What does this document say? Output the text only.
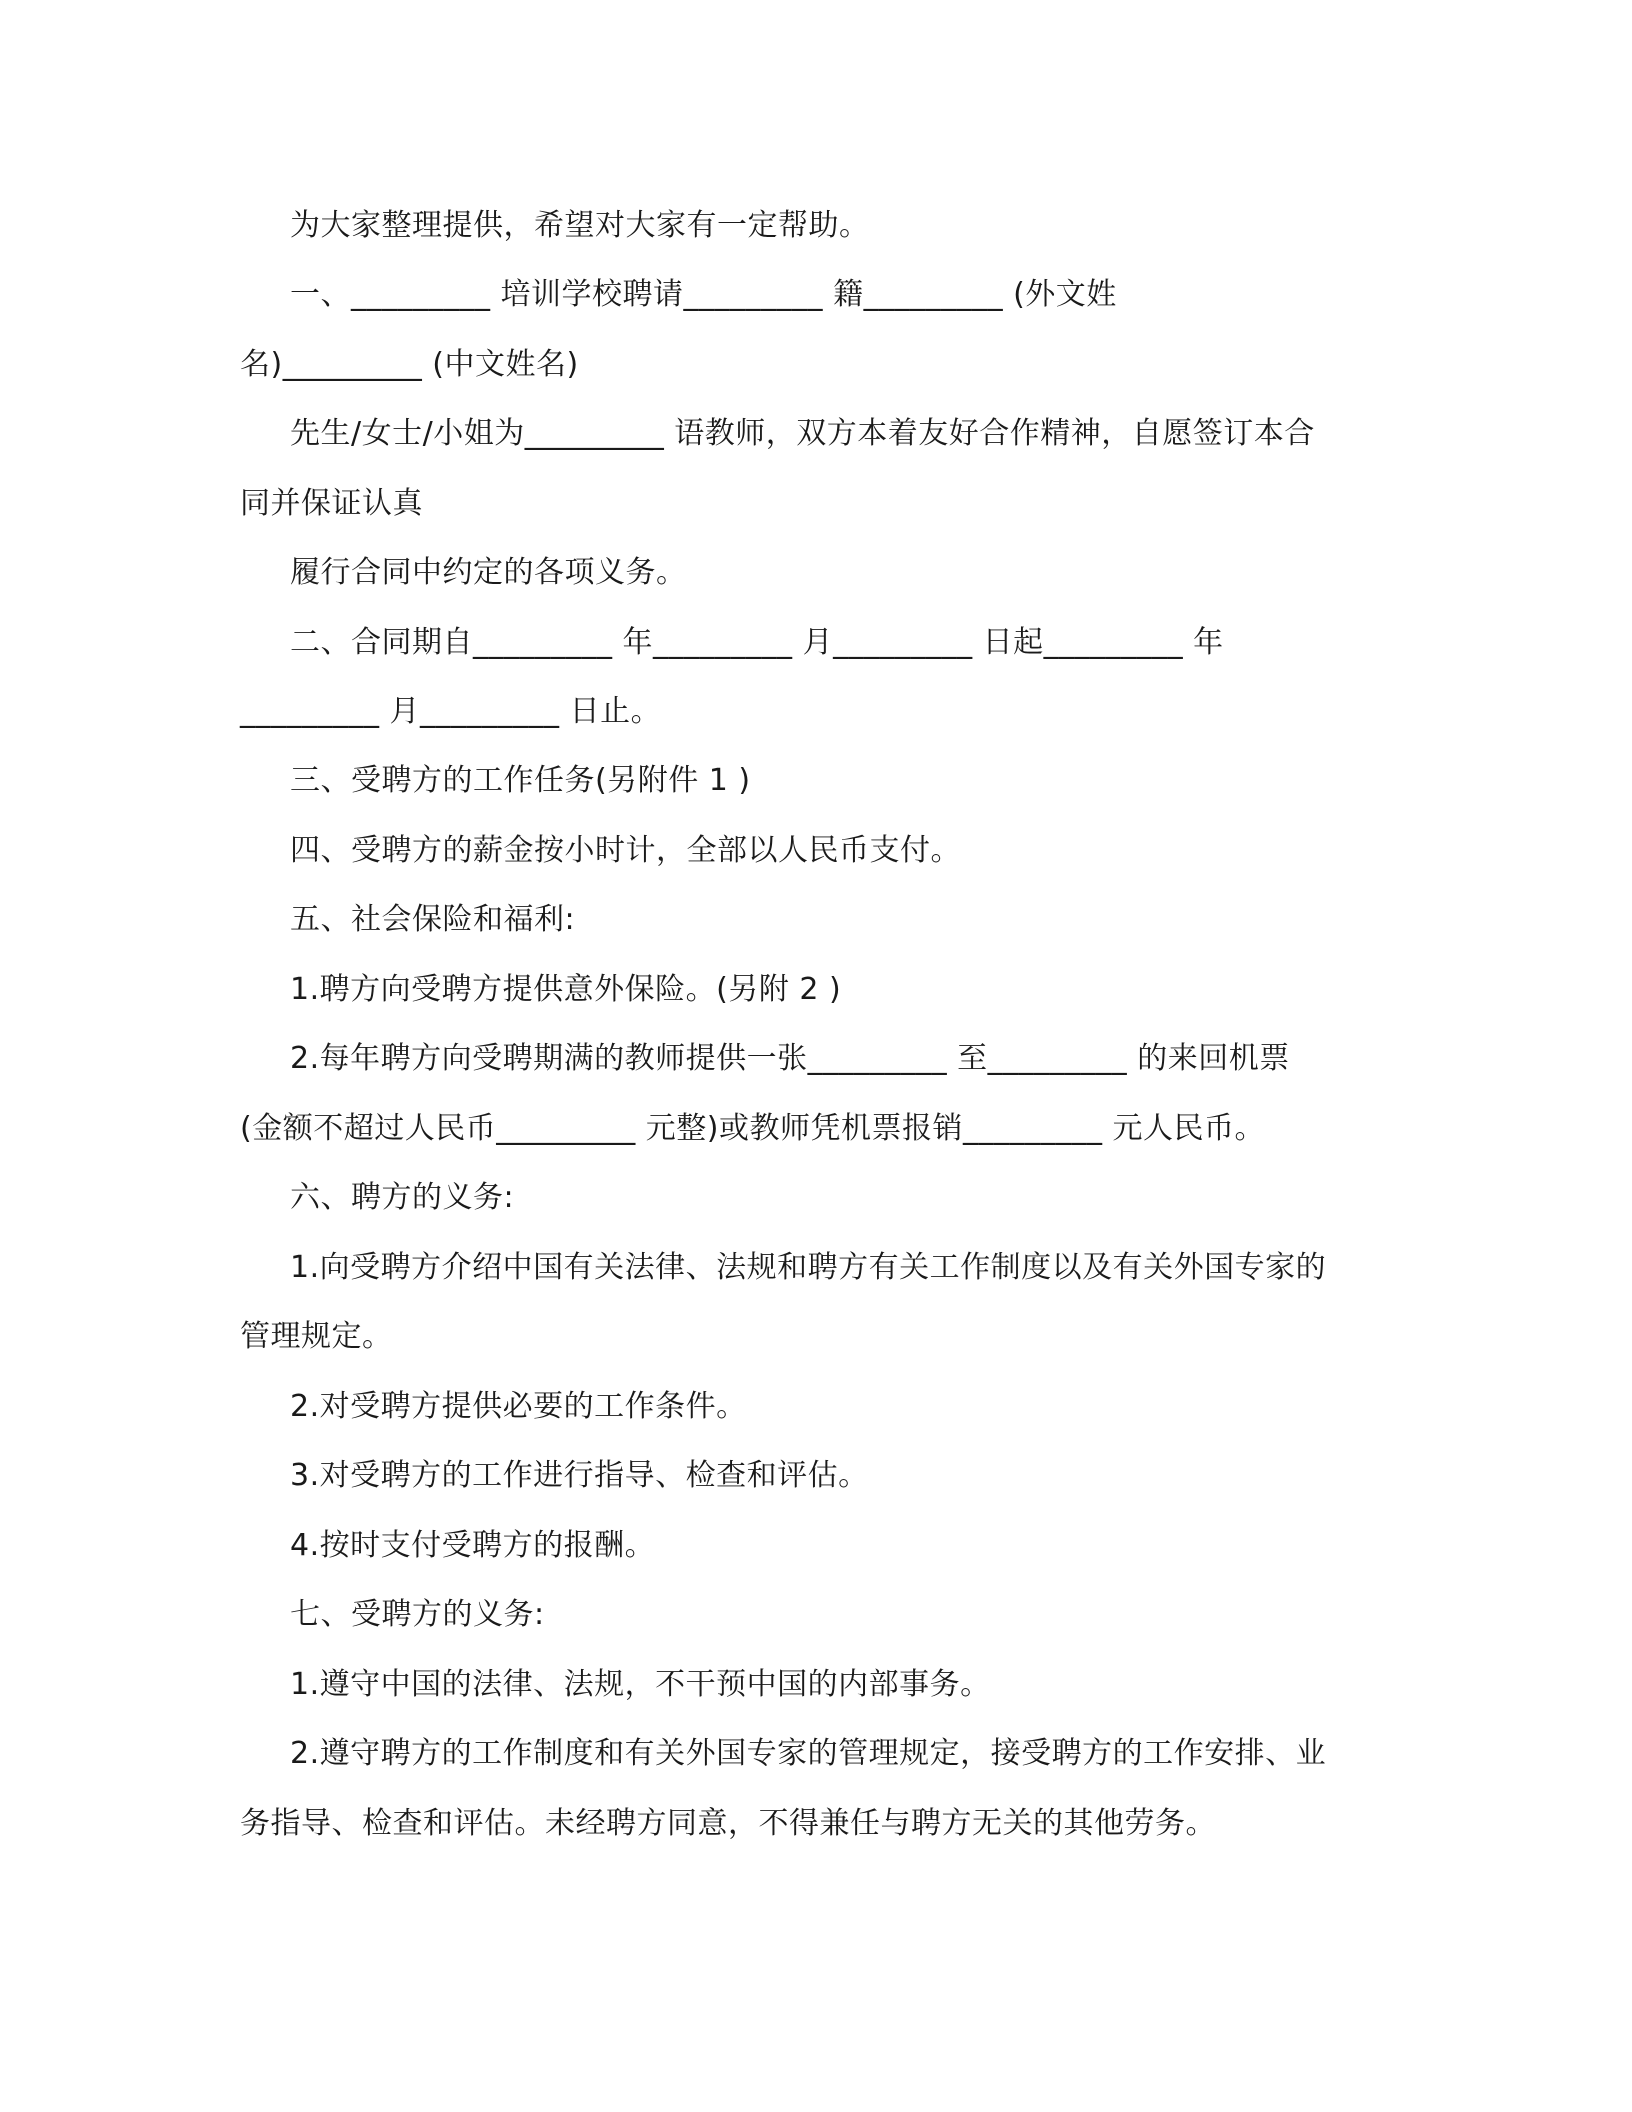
为大家整理提供，希望对大家有一定帮助。
一、_________ 培训学校聘请_________ 籍_________ (外文姓
名)_________ (中文姓名)
先生/女士/小姐为_________ 语教师，双方本着友好合作精神，自愿签订本合
同并保证认真
履行合同中约定的各项义务。
二、合同期自_________ 年_________ 月_________ 日起_________ 年
_________ 月_________ 日止。
三、受聘方的工作任务(另附件 1 )
四、受聘方的薪金按小时计，全部以人民币支付。
五、社会保险和福利:
1.聘方向受聘方提供意外保险。(另附 2 )
2.每年聘方向受聘期满的教师提供一张_________ 至_________ 的来回机票
(金额不超过人民币_________ 元整)或教师凭机票报销_________ 元人民币。
六、聘方的义务:
1.向受聘方介绍中国有关法律、法规和聘方有关工作制度以及有关外国专家的
管理规定。
2.对受聘方提供必要的工作条件。
3.对受聘方的工作进行指导、检查和评估。
4.按时支付受聘方的报酬。
七、受聘方的义务:
1.遵守中国的法律、法规，不干预中国的内部事务。
2.遵守聘方的工作制度和有关外国专家的管理规定，接受聘方的工作安排、业
务指导、检查和评估。未经聘方同意，不得兼任与聘方无关的其他劳务。
